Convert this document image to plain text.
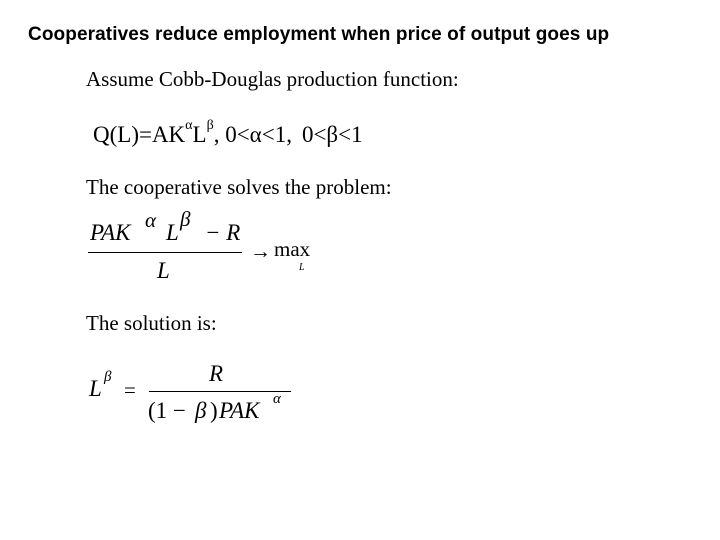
Cooperatives reduce employment when price of output goes up
Assume Cobb-Douglas production function:
$Q(L)=AK^\alpha L^\beta$, 0<α<1, 0<β<1
The cooperative solves the problem:
PAK α L
β
− R
L
→ max
L
The solution is:
L β
=
R
(1 − β ) PAK α
